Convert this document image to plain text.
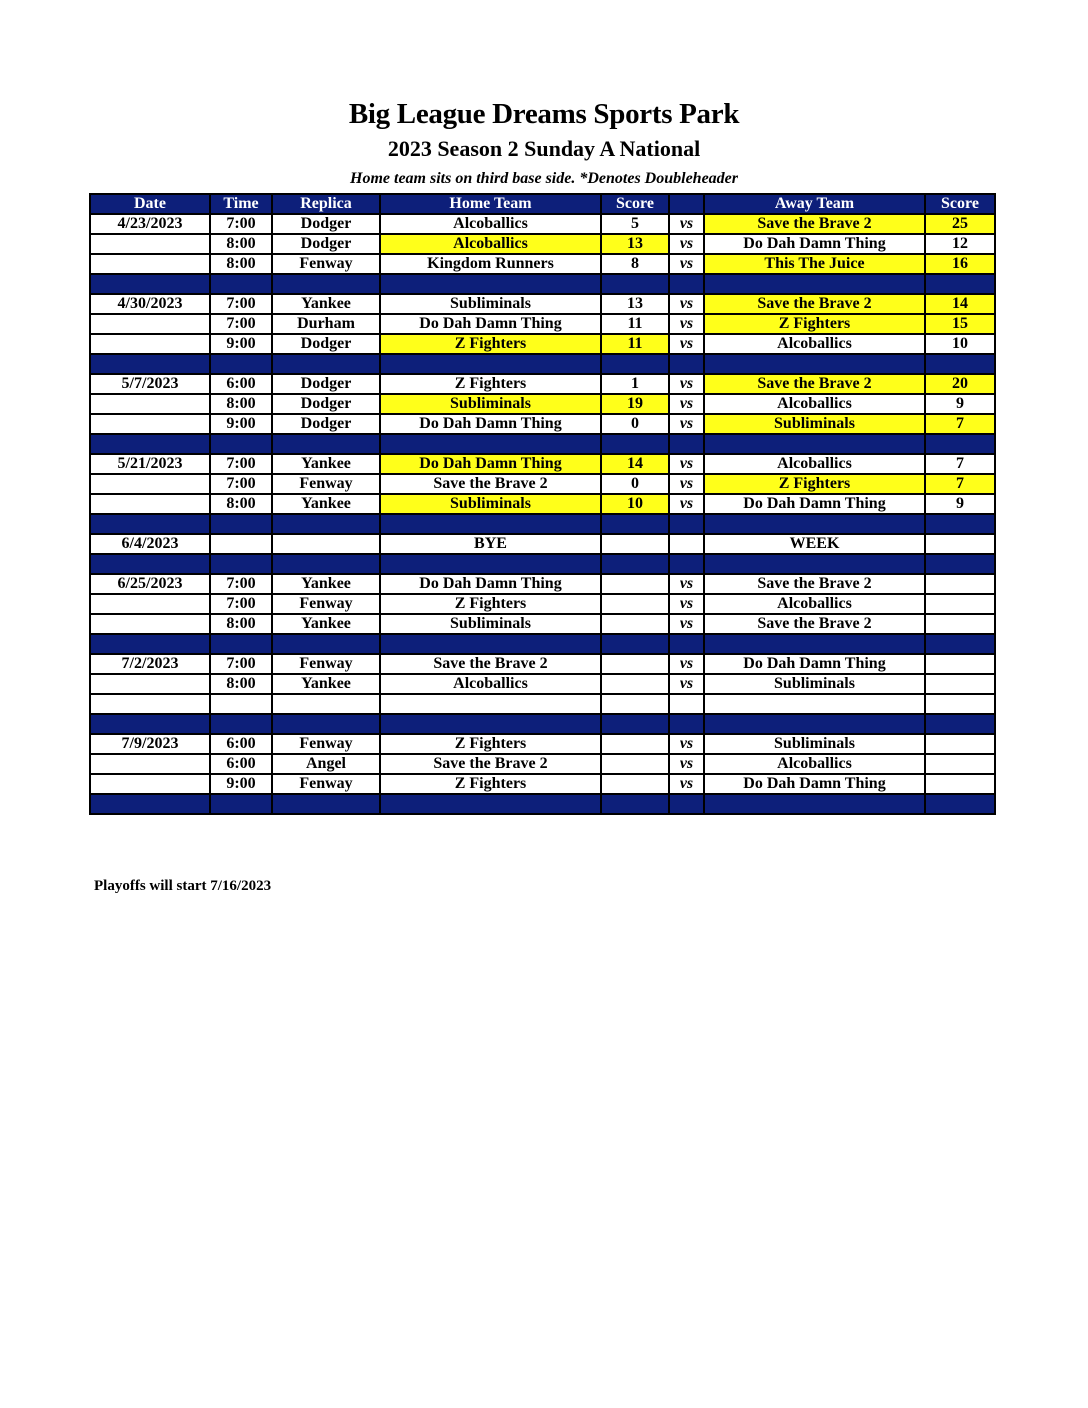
Big League Dreams Sports Park
2023 Season 2 Sunday A National
Home team sits on third base side. *Denotes Doubleheader
Date	Time	Replica	Home Team	Score		Away Team	Score
4/23/2023	7:00	Dodger	Alcoballics	5	vs	Save the Brave 2	25
	8:00	Dodger	Alcoballics	13	vs	Do Dah Damn Thing	12
	8:00	Fenway	Kingdom Runners	8	vs	This The Juice	16

4/30/2023	7:00	Yankee	Subliminals	13	vs	Save the Brave 2	14
	7:00	Durham	Do Dah Damn Thing	11	vs	Z Fighters	15
	9:00	Dodger	Z Fighters	11	vs	Alcoballics	10

5/7/2023	6:00	Dodger	Z Fighters	1	vs	Save the Brave 2	20
	8:00	Dodger	Subliminals	19	vs	Alcoballics	9
	9:00	Dodger	Do Dah Damn Thing	0	vs	Subliminals	7

5/21/2023	7:00	Yankee	Do Dah Damn Thing	14	vs	Alcoballics	7
	7:00	Fenway	Save the Brave 2	0	vs	Z Fighters	7
	8:00	Yankee	Subliminals	10	vs	Do Dah Damn Thing	9

6/4/2023			BYE			WEEK	

6/25/2023	7:00	Yankee	Do Dah Damn Thing		vs	Save the Brave 2	
	7:00	Fenway	Z Fighters		vs	Alcoballics	
	8:00	Yankee	Subliminals		vs	Save the Brave 2	

7/2/2023	7:00	Fenway	Save the Brave 2		vs	Do Dah Damn Thing	
	8:00	Yankee	Alcoballics		vs	Subliminals	

7/9/2023	6:00	Fenway	Z Fighters		vs	Subliminals	
	6:00	Angel	Save the Brave 2		vs	Alcoballics	
	9:00	Fenway	Z Fighters		vs	Do Dah Damn Thing	

Playoffs will start 7/16/2023
